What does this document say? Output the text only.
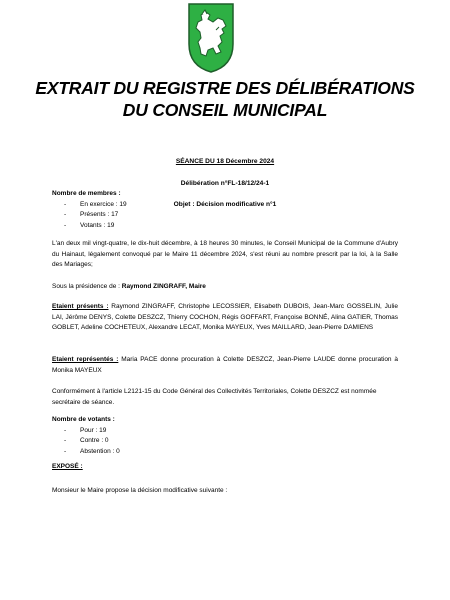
EXTRAIT DU REGISTRE DES DÉLIBÉRATIONS
DU CONSEIL MUNICIPAL
SÉANCE DU 18 Décembre 2024
Délibération n°FL-18/12/24-1
Objet : Décision modificative n°1
Nombre de membres :
- En exercice : 19
- Présents : 17
- Votants : 19
L'an deux mil vingt-quatre, le dix-huit décembre, à 18 heures 30 minutes, le Conseil Municipal de la Commune d'Aubry du Hainaut, légalement convoqué par le Maire 11 décembre 2024, s'est réuni au nombre prescrit par la loi, à la Salle des Mariages;
Sous la présidence de : Raymond ZINGRAFF, Maire
Etaient présents : Raymond ZINGRAFF, Christophe LECOSSIER, Elisabeth DUBOIS, Jean-Marc GOSSELIN, Julie LAI, Jérôme DENYS, Colette DESZCZ, Thierry COCHON, Régis GOFFART, Françoise BONNÉ, Alina GATIER, Thomas GOBLET, Adeline COCHETEUX, Alexandre LECAT, Monika MAYEUX, Yves MAILLARD, Jean-Pierre DAMIENS
Etaient représentés : Maria PACE donne procuration à Colette DESZCZ, Jean-Pierre LAUDE donne procuration à Monika MAYEUX
Conformément à l'article L2121-15 du Code Général des Collectivités Territoriales, Colette DESZCZ est nommée secrétaire de séance.
Nombre de votants :
- Pour : 19
- Contre : 0
- Abstention : 0
EXPOSÉ :
Monsieur le Maire propose la décision modificative suivante :
